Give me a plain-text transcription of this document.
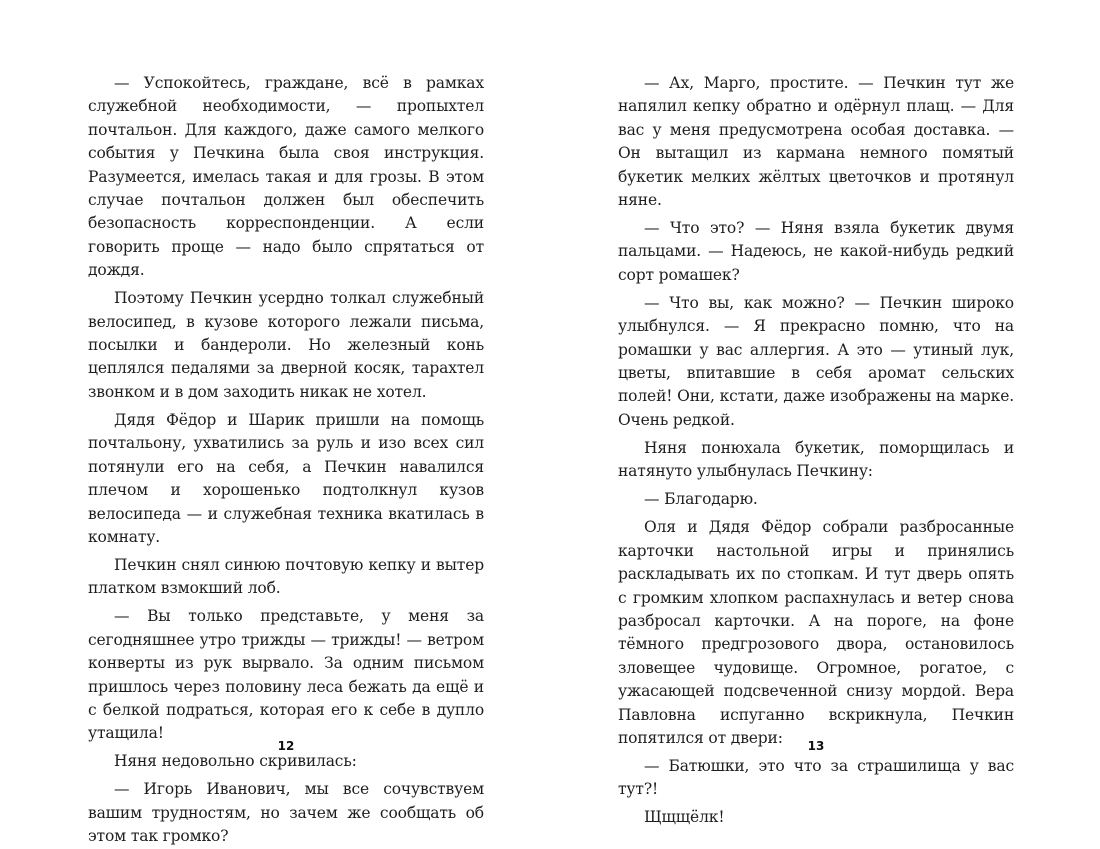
— Успокойтесь, граждане, всё в рамках служебной необходимости, — пропыхтел почтальон. Для каждого, даже самого мелкого события у Печкина была своя инструкция. Разумеется, имелась такая и для грозы. В этом случае почтальон должен был обеспечить безопасность корреспонденции. А если говорить проще — надо было спрятаться от дождя.

Поэтому Печкин усердно толкал служебный велосипед, в кузове которого лежали письма, посылки и бандероли. Но железный конь цеплялся педалями за дверной косяк, тарахтел звонком и в дом заходить никак не хотел.

Дядя Фёдор и Шарик пришли на помощь почтальону, ухватились за руль и изо всех сил потянули его на себя, а Печкин навалился плечом и хорошенько подтолкнул кузов велосипеда — и служебная техника вкатилась в комнату.

Печкин снял синюю почтовую кепку и вытер платком взмокший лоб.

— Вы только представьте, у меня за сегодняшнее утро трижды — трижды! — ветром конверты из рук вырвало. За одним письмом пришлось через половину леса бежать да ещё и с белкой подраться, которая его к себе в дупло утащила!

Няня недовольно скривилась:

— Игорь Иванович, мы все сочувствуем вашим трудностям, но зачем же сообщать об этом так громко?

12

— Ах, Марго, простите. — Печкин тут же напялил кепку обратно и одёрнул плащ. — Для вас у меня предусмотрена особая доставка. — Он вытащил из кармана немного помятый букетик мелких жёлтых цветочков и протянул няне.

— Что это? — Няня взяла букетик двумя пальцами. — Надеюсь, не какой-нибудь редкий сорт ромашек?

— Что вы, как можно? — Печкин широко улыбнулся. — Я прекрасно помню, что на ромашки у вас аллергия. А это — утиный лук, цветы, впитавшие в себя аромат сельских полей! Они, кстати, даже изображены на марке. Очень редкой.

Няня понюхала букетик, поморщилась и натянуто улыбнулась Печкину:

— Благодарю.

Оля и Дядя Фёдор собрали разбросанные карточки настольной игры и принялись раскладывать их по стопкам. И тут дверь опять с громким хлопком распахнулась и ветер снова разбросал карточки. А на пороге, на фоне тёмного предгрозового двора, остановилось зловещее чудовище. Огромное, рогатое, с ужасающей подсвеченной снизу мордой. Вера Павловна испуганно вскрикнула, Печкин попятился от двери:

— Батюшки, это что за страшилища у вас тут?!

Щщщёлк!

13
